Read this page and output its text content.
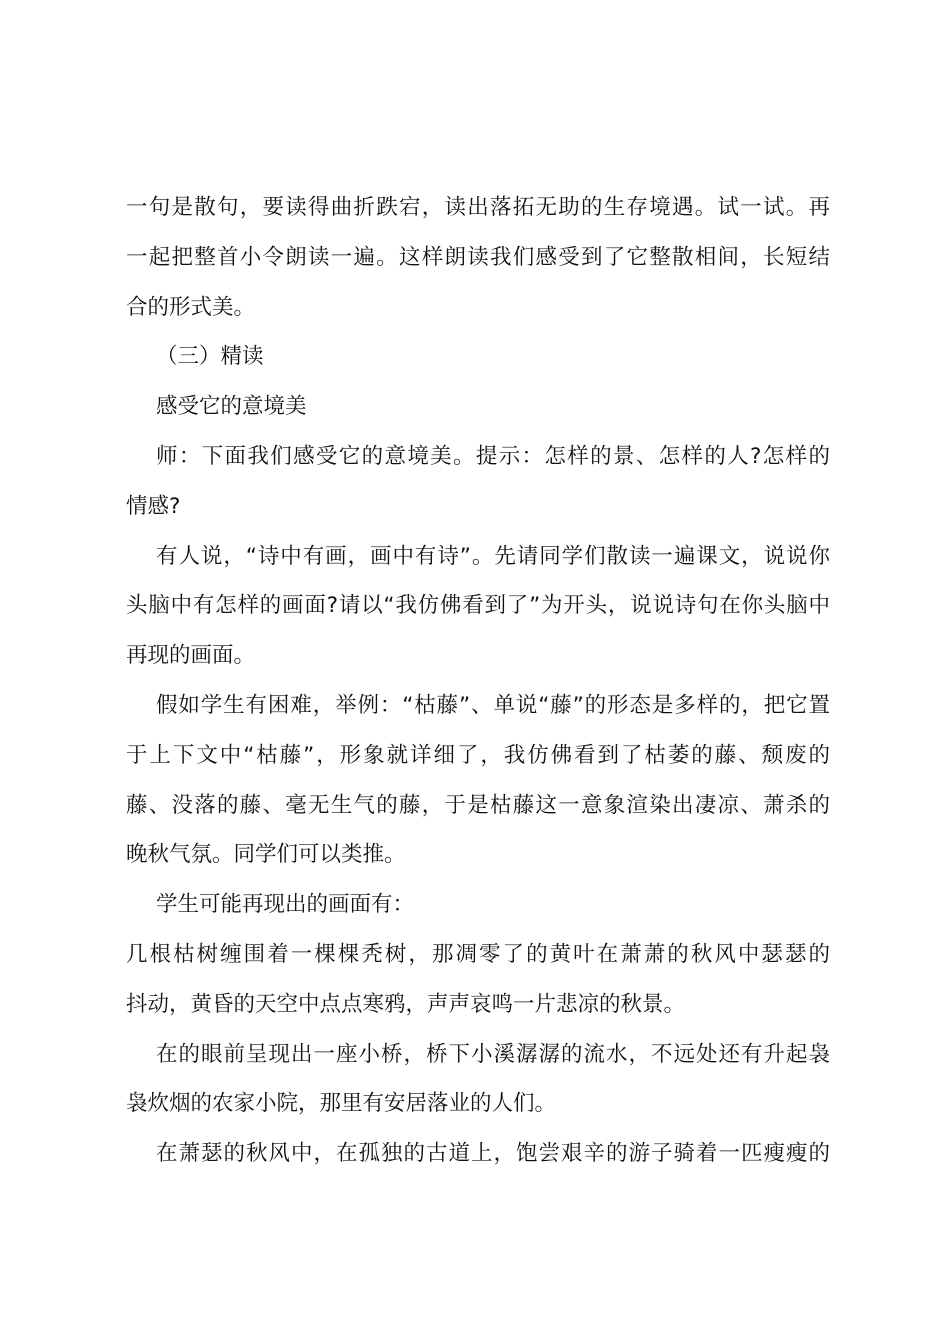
一句是散句，要读得曲折跌宕，读出落拓无助的生存境遇。试一试。再
一起把整首小令朗读一遍。这样朗读我们感受到了它整散相间，长短结
合的形式美。
（三）精读
感受它的意境美
师：下面我们感受它的意境美。提示：怎样的景、怎样的人?怎样的
情感?
有人说，“诗中有画，画中有诗”。先请同学们散读一遍课文，说说你
头脑中有怎样的画面?请以“我仿佛看到了”为开头，说说诗句在你头脑中
再现的画面。
假如学生有困难，举例：“枯藤”、单说“藤”的形态是多样的，把它置
于上下文中“枯藤”，形象就详细了，我仿佛看到了枯萎的藤、颓废的
藤、没落的藤、毫无生气的藤，于是枯藤这一意象渲染出凄凉、萧杀的
晚秋气氛。同学们可以类推。
学生可能再现出的画面有：
几根枯树缠围着一棵棵秃树，那凋零了的黄叶在萧萧的秋风中瑟瑟的
抖动，黄昏的天空中点点寒鸦，声声哀鸣一片悲凉的秋景。
在的眼前呈现出一座小桥，桥下小溪潺潺的流水，不远处还有升起袅
袅炊烟的农家小院，那里有安居落业的人们。
在萧瑟的秋风中，在孤独的古道上，饱尝艰辛的游子骑着一匹瘦瘦的
